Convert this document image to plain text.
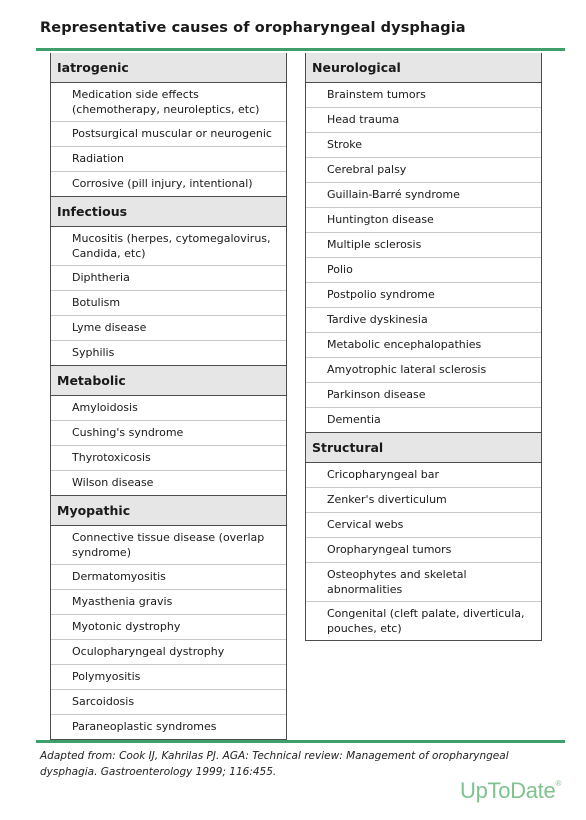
Representative causes of oropharyngeal dysphagia
Iatrogenic
Medication side effects (chemotherapy, neuroleptics, etc)
Postsurgical muscular or neurogenic
Radiation
Corrosive (pill injury, intentional)
Infectious
Mucositis (herpes, cytomegalovirus, Candida, etc)
Diphtheria
Botulism
Lyme disease
Syphilis
Metabolic
Amyloidosis
Cushing's syndrome
Thyrotoxicosis
Wilson disease
Myopathic
Connective tissue disease (overlap syndrome)
Dermatomyositis
Myasthenia gravis
Myotonic dystrophy
Oculopharyngeal dystrophy
Polymyositis
Sarcoidosis
Paraneoplastic syndromes
Neurological
Brainstem tumors
Head trauma
Stroke
Cerebral palsy
Guillain-Barré syndrome
Huntington disease
Multiple sclerosis
Polio
Postpolio syndrome
Tardive dyskinesia
Metabolic encephalopathies
Amyotrophic lateral sclerosis
Parkinson disease
Dementia
Structural
Cricopharyngeal bar
Zenker's diverticulum
Cervical webs
Oropharyngeal tumors
Osteophytes and skeletal abnormalities
Congenital (cleft palate, diverticula, pouches, etc)
Adapted from: Cook IJ, Kahrilas PJ. AGA: Technical review: Management of oropharyngeal dysphagia. Gastroenterology 1999; 116:455.
UpToDate®
